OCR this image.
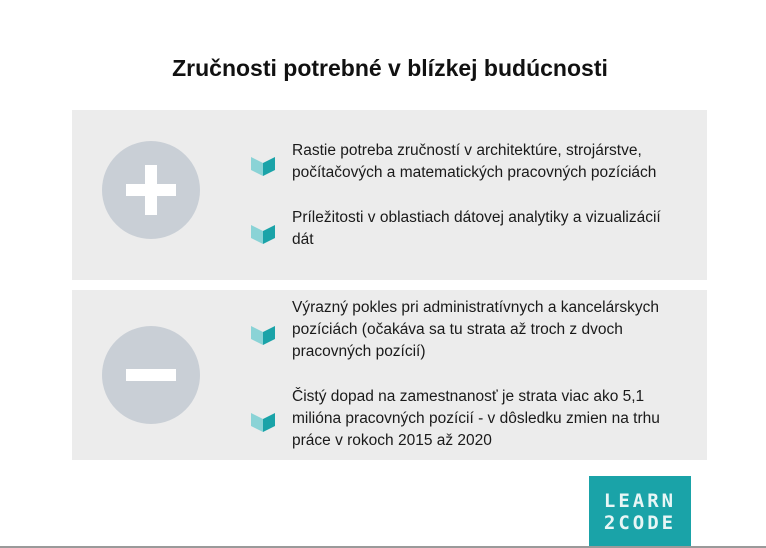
Zručnosti potrebné v blízkej budúcnosti
Rastie potreba zručností v architektúre, strojárstve, počítačových a matematických pracovných pozíciách
Príležitosti v oblastiach dátovej analytiky a vizualizácií dát
Výrazný pokles pri administratívnych a kancelárskych pozíciách (očakáva sa tu strata až troch z dvoch pracovných pozícií)
Čistý dopad na zamestnanosť je strata viac ako 5,1 milióna pracovných pozícií - v dôsledku zmien na trhu práce v rokoch 2015 až 2020
LEARN
2CODE
